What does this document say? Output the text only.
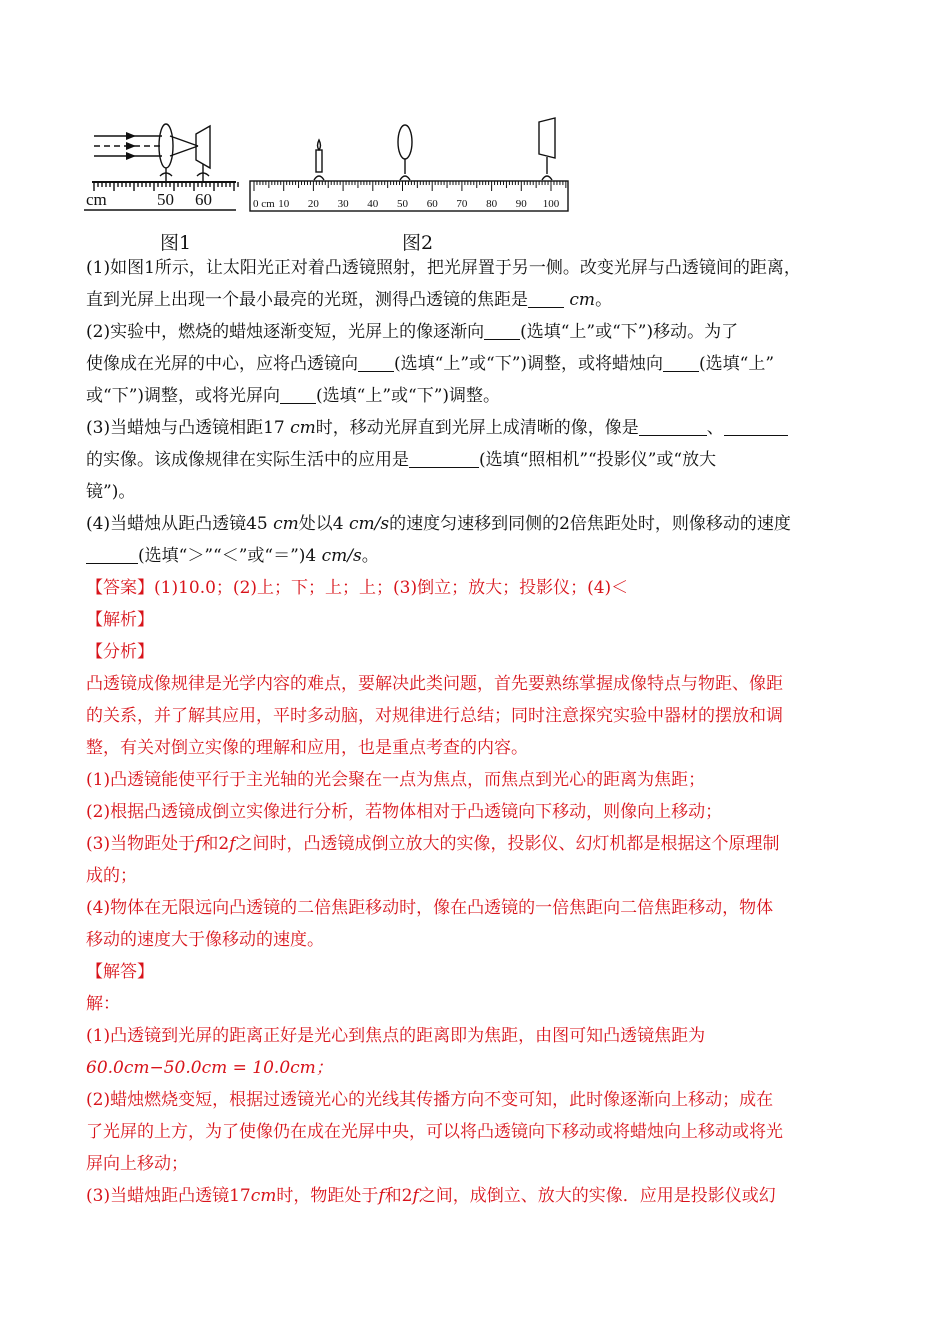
cm	50 60	0 cm 10 20 30 40 50 60 70 80 90 100
图1	图2

(1)如图1所示，让太阳光正对着凸透镜照射，把光屏置于另一侧。改变光屏与凸透镜间的距离，

直到光屏上出现一个最小最亮的光斑，测得凸透镜的焦距是 cm。

(2)实验中，燃烧的蜡烛逐渐变短，光屏上的像逐渐向 (选填“上”或“下”)移动。为了

使像成在光屏的中心，应将凸透镜向 (选填“上”或“下”)调整，或将蜡烛向 (选填“上”

或“下”)调整，或将光屏向 (选填“上”或“下”)调整。

(3)当蜡烛与凸透镜相距17 cm时，移动光屏直到光屏上成清晰的像，像是	、

的实像。该成像规律在实际生活中的应用是	(选填“照相机”“投影仪”或“放大

镜”)。

(4)当蜡烛从距凸透镜45 cm处以4 cm/s的速度匀速移到同侧的2倍焦距处时，则像移动的速度

(选填“＞”“＜”或“＝”)4 cm/s。

【答案】(1)10.0；(2)上；下；上；上；(3)倒立；放大；投影仪；(4)＜

【解析】

【分析】

凸透镜成像规律是光学内容的难点，要解决此类问题，首先要熟练掌握成像特点与物距、像距

的关系，并了解其应用，平时多动脑，对规律进行总结；同时注意探究实验中器材的摆放和调

整，有关对倒立实像的理解和应用，也是重点考查的内容。

(1)凸透镜能使平行于主光轴的光会聚在一点为焦点，而焦点到光心的距离为焦距；

(2)根据凸透镜成倒立实像进行分析，若物体相对于凸透镜向下移动，则像向上移动；

(3)当物距处于f和2f之间时，凸透镜成倒立放大的实像，投影仪、幻灯机都是根据这个原理制

成的；

(4)物体在无限远向凸透镜的二倍焦距移动时，像在凸透镜的一倍焦距向二倍焦距移动，物体

移动的速度大于像移动的速度。

【解答】

解：

(1)凸透镜到光屏的距离正好是光心到焦点的距离即为焦距，由图可知凸透镜焦距为

60.0cm−50.0cm = 10.0cm；

(2)蜡烛燃烧变短，根据过透镜光心的光线其传播方向不变可知，此时像逐渐向上移动；成在

了光屏的上方，为了使像仍在成在光屏中央，可以将凸透镜向下移动或将蜡烛向上移动或将光

屏向上移动；

(3)当蜡烛距凸透镜17cm时，物距处于f和2f之间，成倒立、放大的实像．应用是投影仪或幻
